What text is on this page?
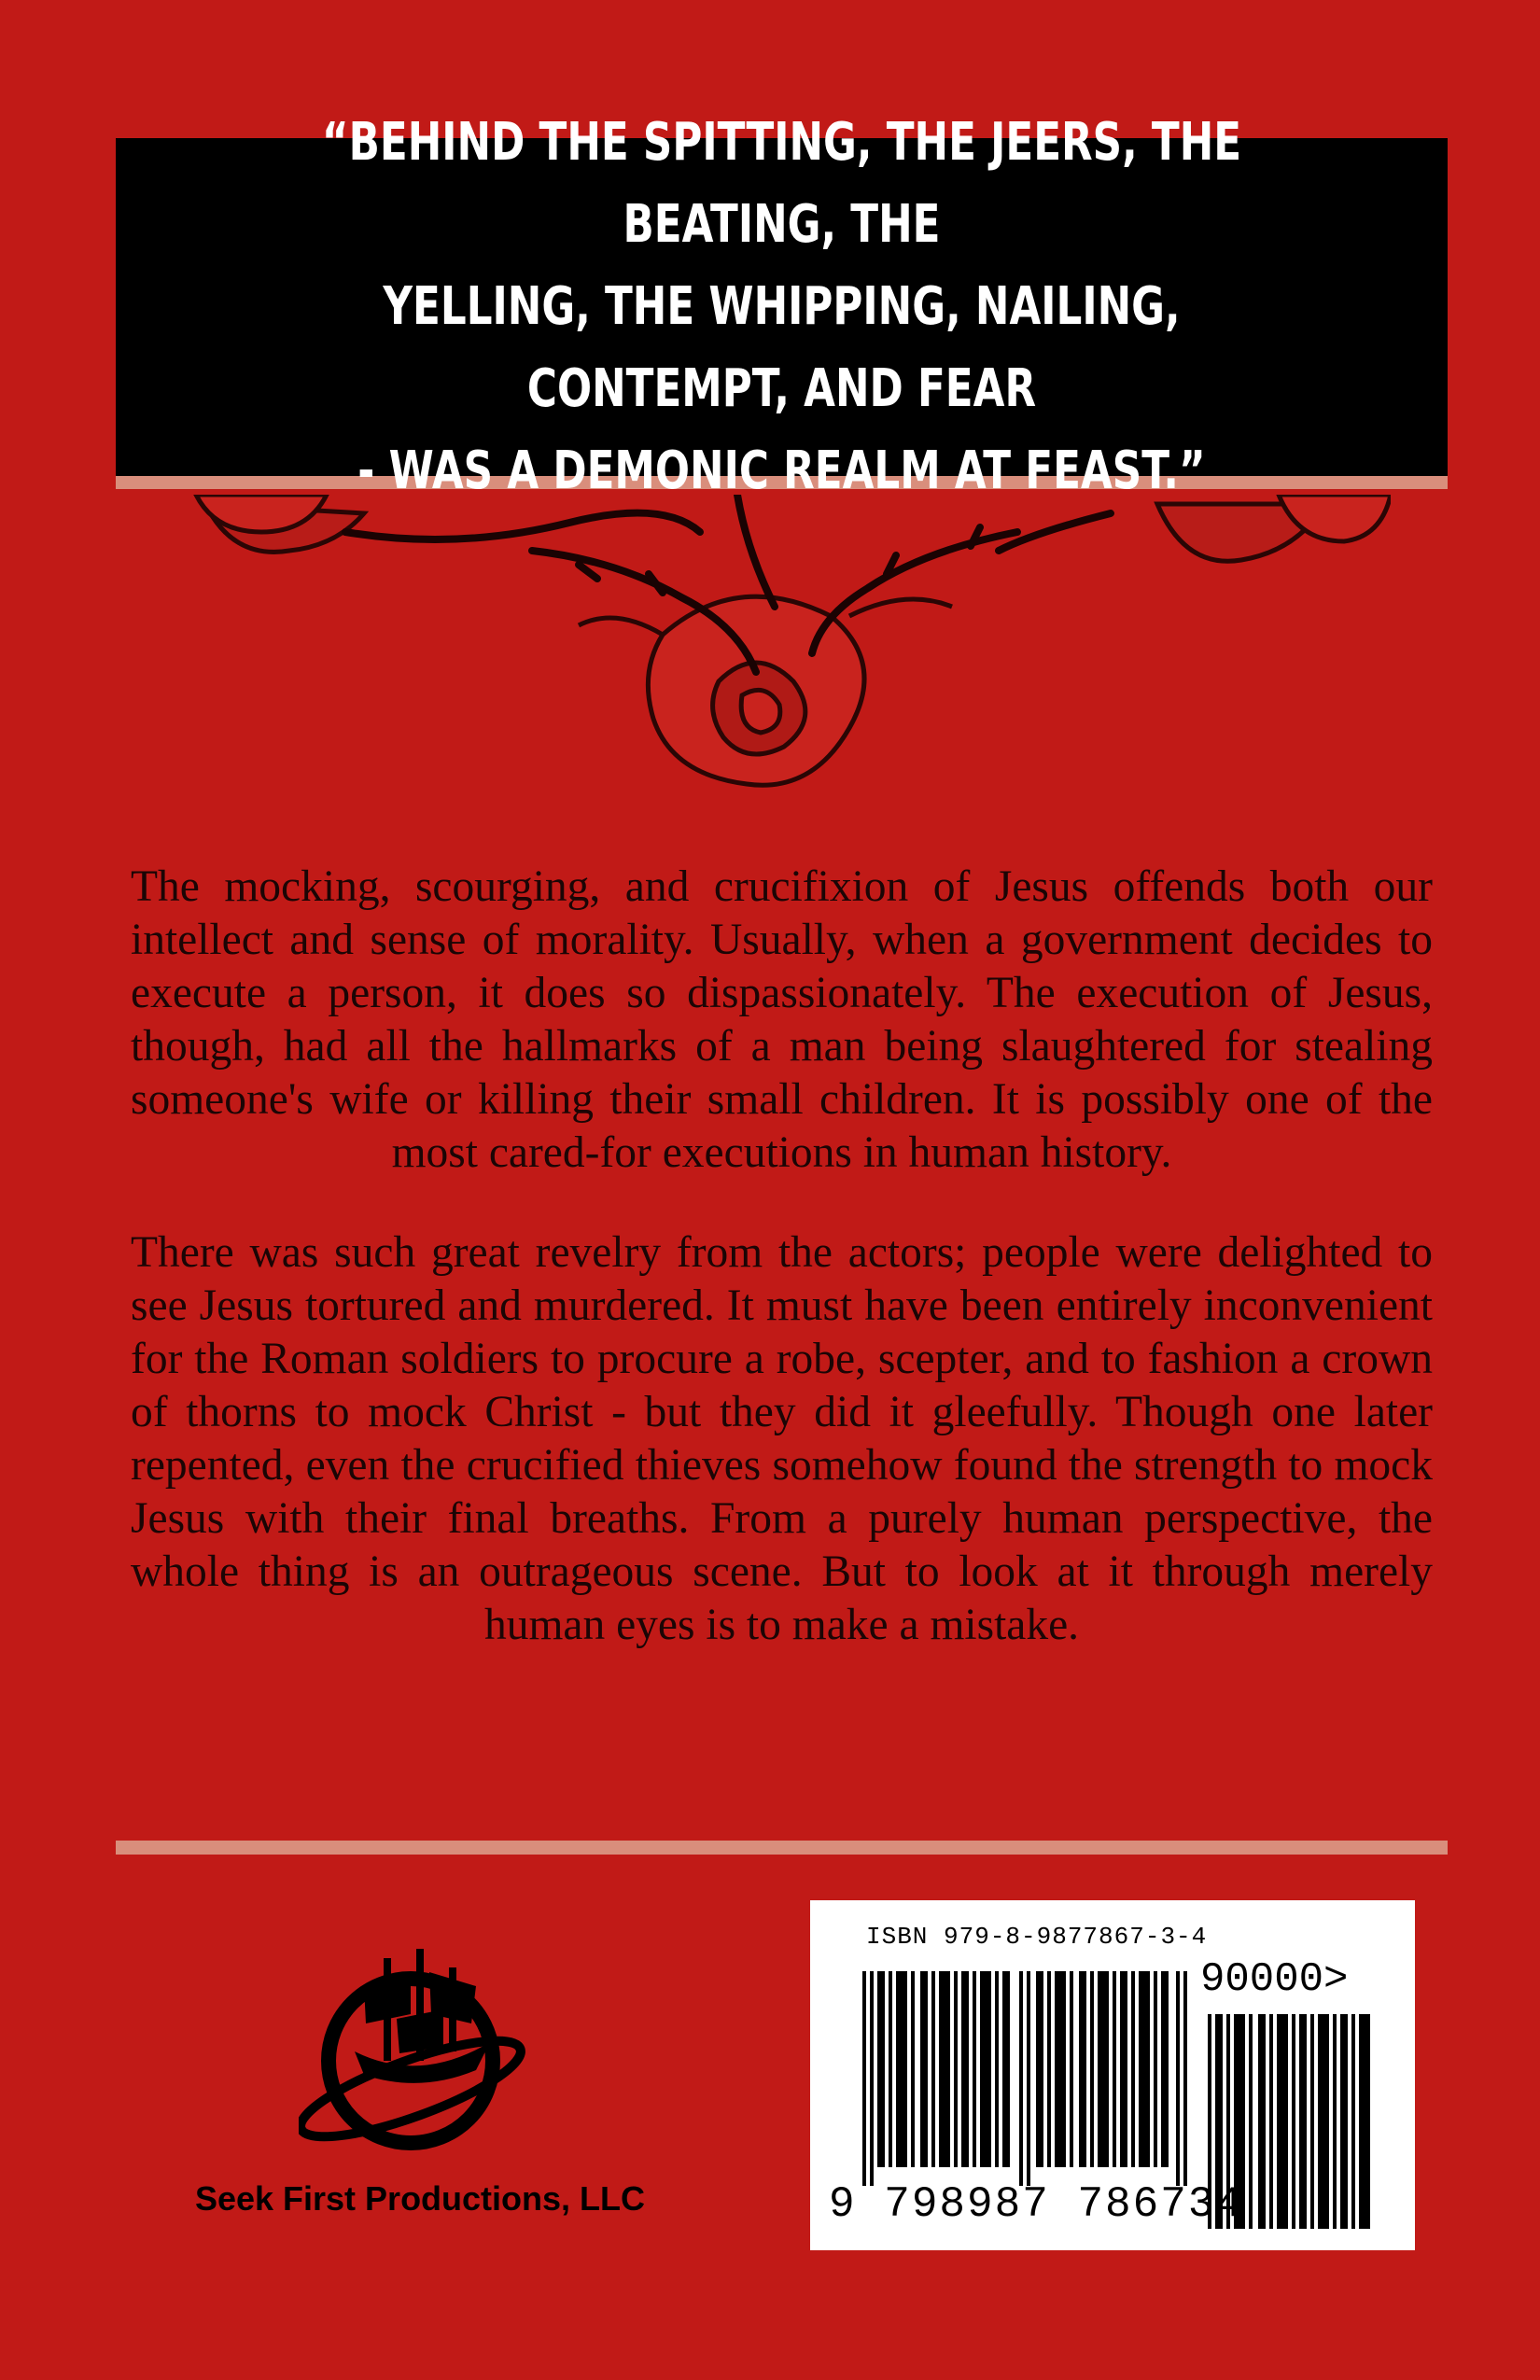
“BEHIND THE SPITTING, THE JEERS, THE BEATING, THE
YELLING, THE WHIPPING, NAILING, CONTEMPT, AND FEAR
- WAS A DEMONIC REALM AT FEAST.”

The mocking, scourging, and crucifixion of Jesus offends both our intellect and sense of morality. Usually, when a government decides to execute a person, it does so dispassionately. The execution of Jesus, though, had all the hallmarks of a man being slaughtered for stealing someone's wife or killing their small children. It is possibly one of the most cared-for executions in human history.

There was such great revelry from the actors; people were delighted to see Jesus tortured and murdered. It must have been entirely inconvenient for the Roman soldiers to procure a robe, scepter, and to fashion a crown of thorns to mock Christ - but they did it gleefully. Though one later repented, even the crucified thieves somehow found the strength to mock Jesus with their final breaths. From a purely human perspective, the whole thing is an outrageous scene. But to look at it through merely human eyes is to make a mistake.

Seek First Productions, LLC
ISBN 979-8-9877867-3-4
90000>
9 798987 786734
